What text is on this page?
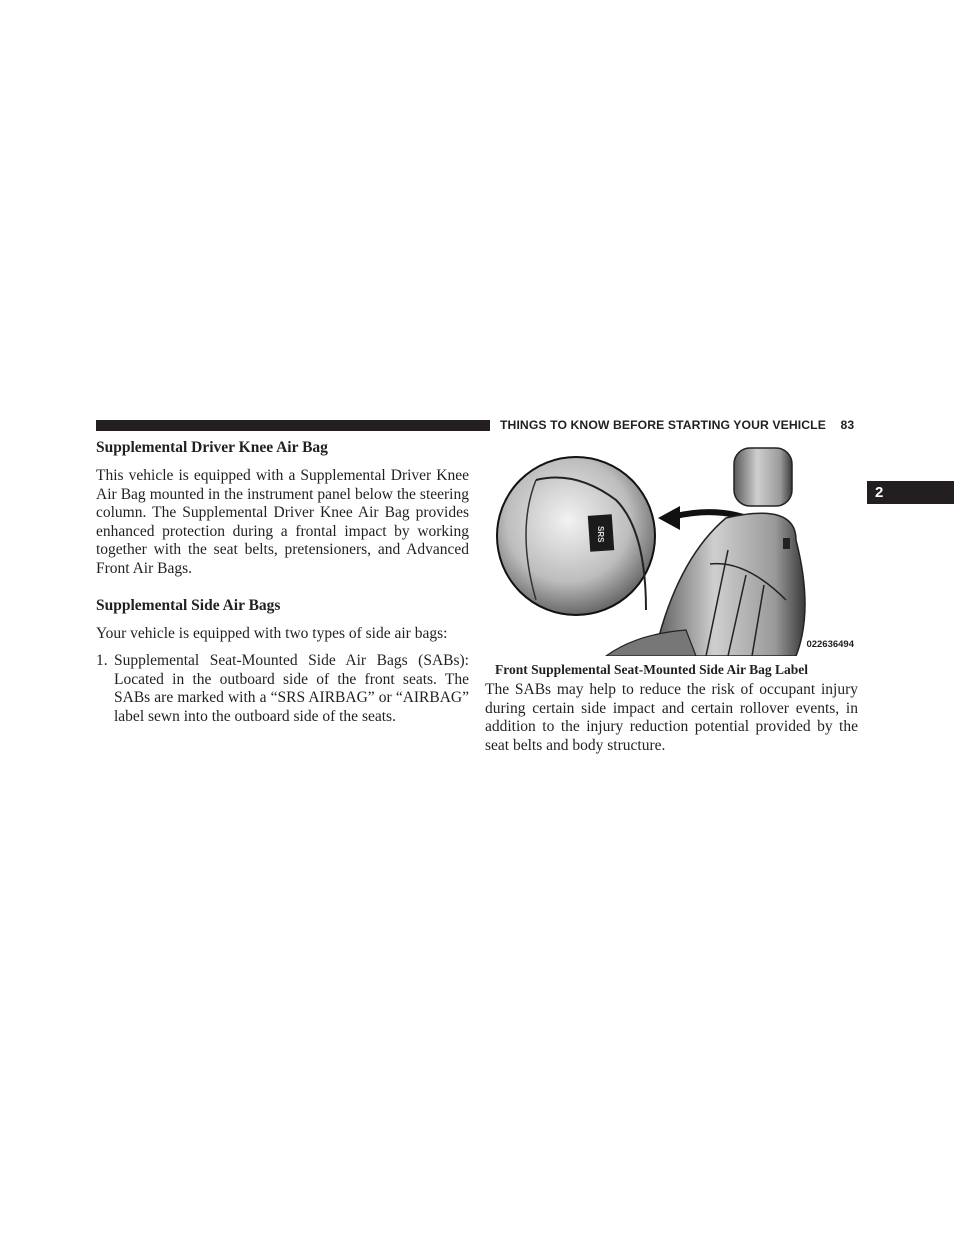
THINGS TO KNOW BEFORE STARTING YOUR VEHICLE 83
2
Supplemental Driver Knee Air Bag

This vehicle is equipped with a Supplemental Driver Knee Air Bag mounted in the instrument panel below the steering column. The Supplemental Driver Knee Air Bag provides enhanced protection during a frontal impact by working together with the seat belts, pretensioners, and Advanced Front Air Bags.

Supplemental Side Air Bags

Your vehicle is equipped with two types of side air bags:

1. Supplemental Seat-Mounted Side Air Bags (SABs): Located in the outboard side of the front seats. The SABs are marked with a “SRS AIRBAG” or “AIRBAG” label sewn into the outboard side of the seats.
SRS
022636494
Front Supplemental Seat-Mounted Side Air Bag Label

The SABs may help to reduce the risk of occupant injury during certain side impact and certain rollover events, in addition to the injury reduction potential provided by the seat belts and body structure.
